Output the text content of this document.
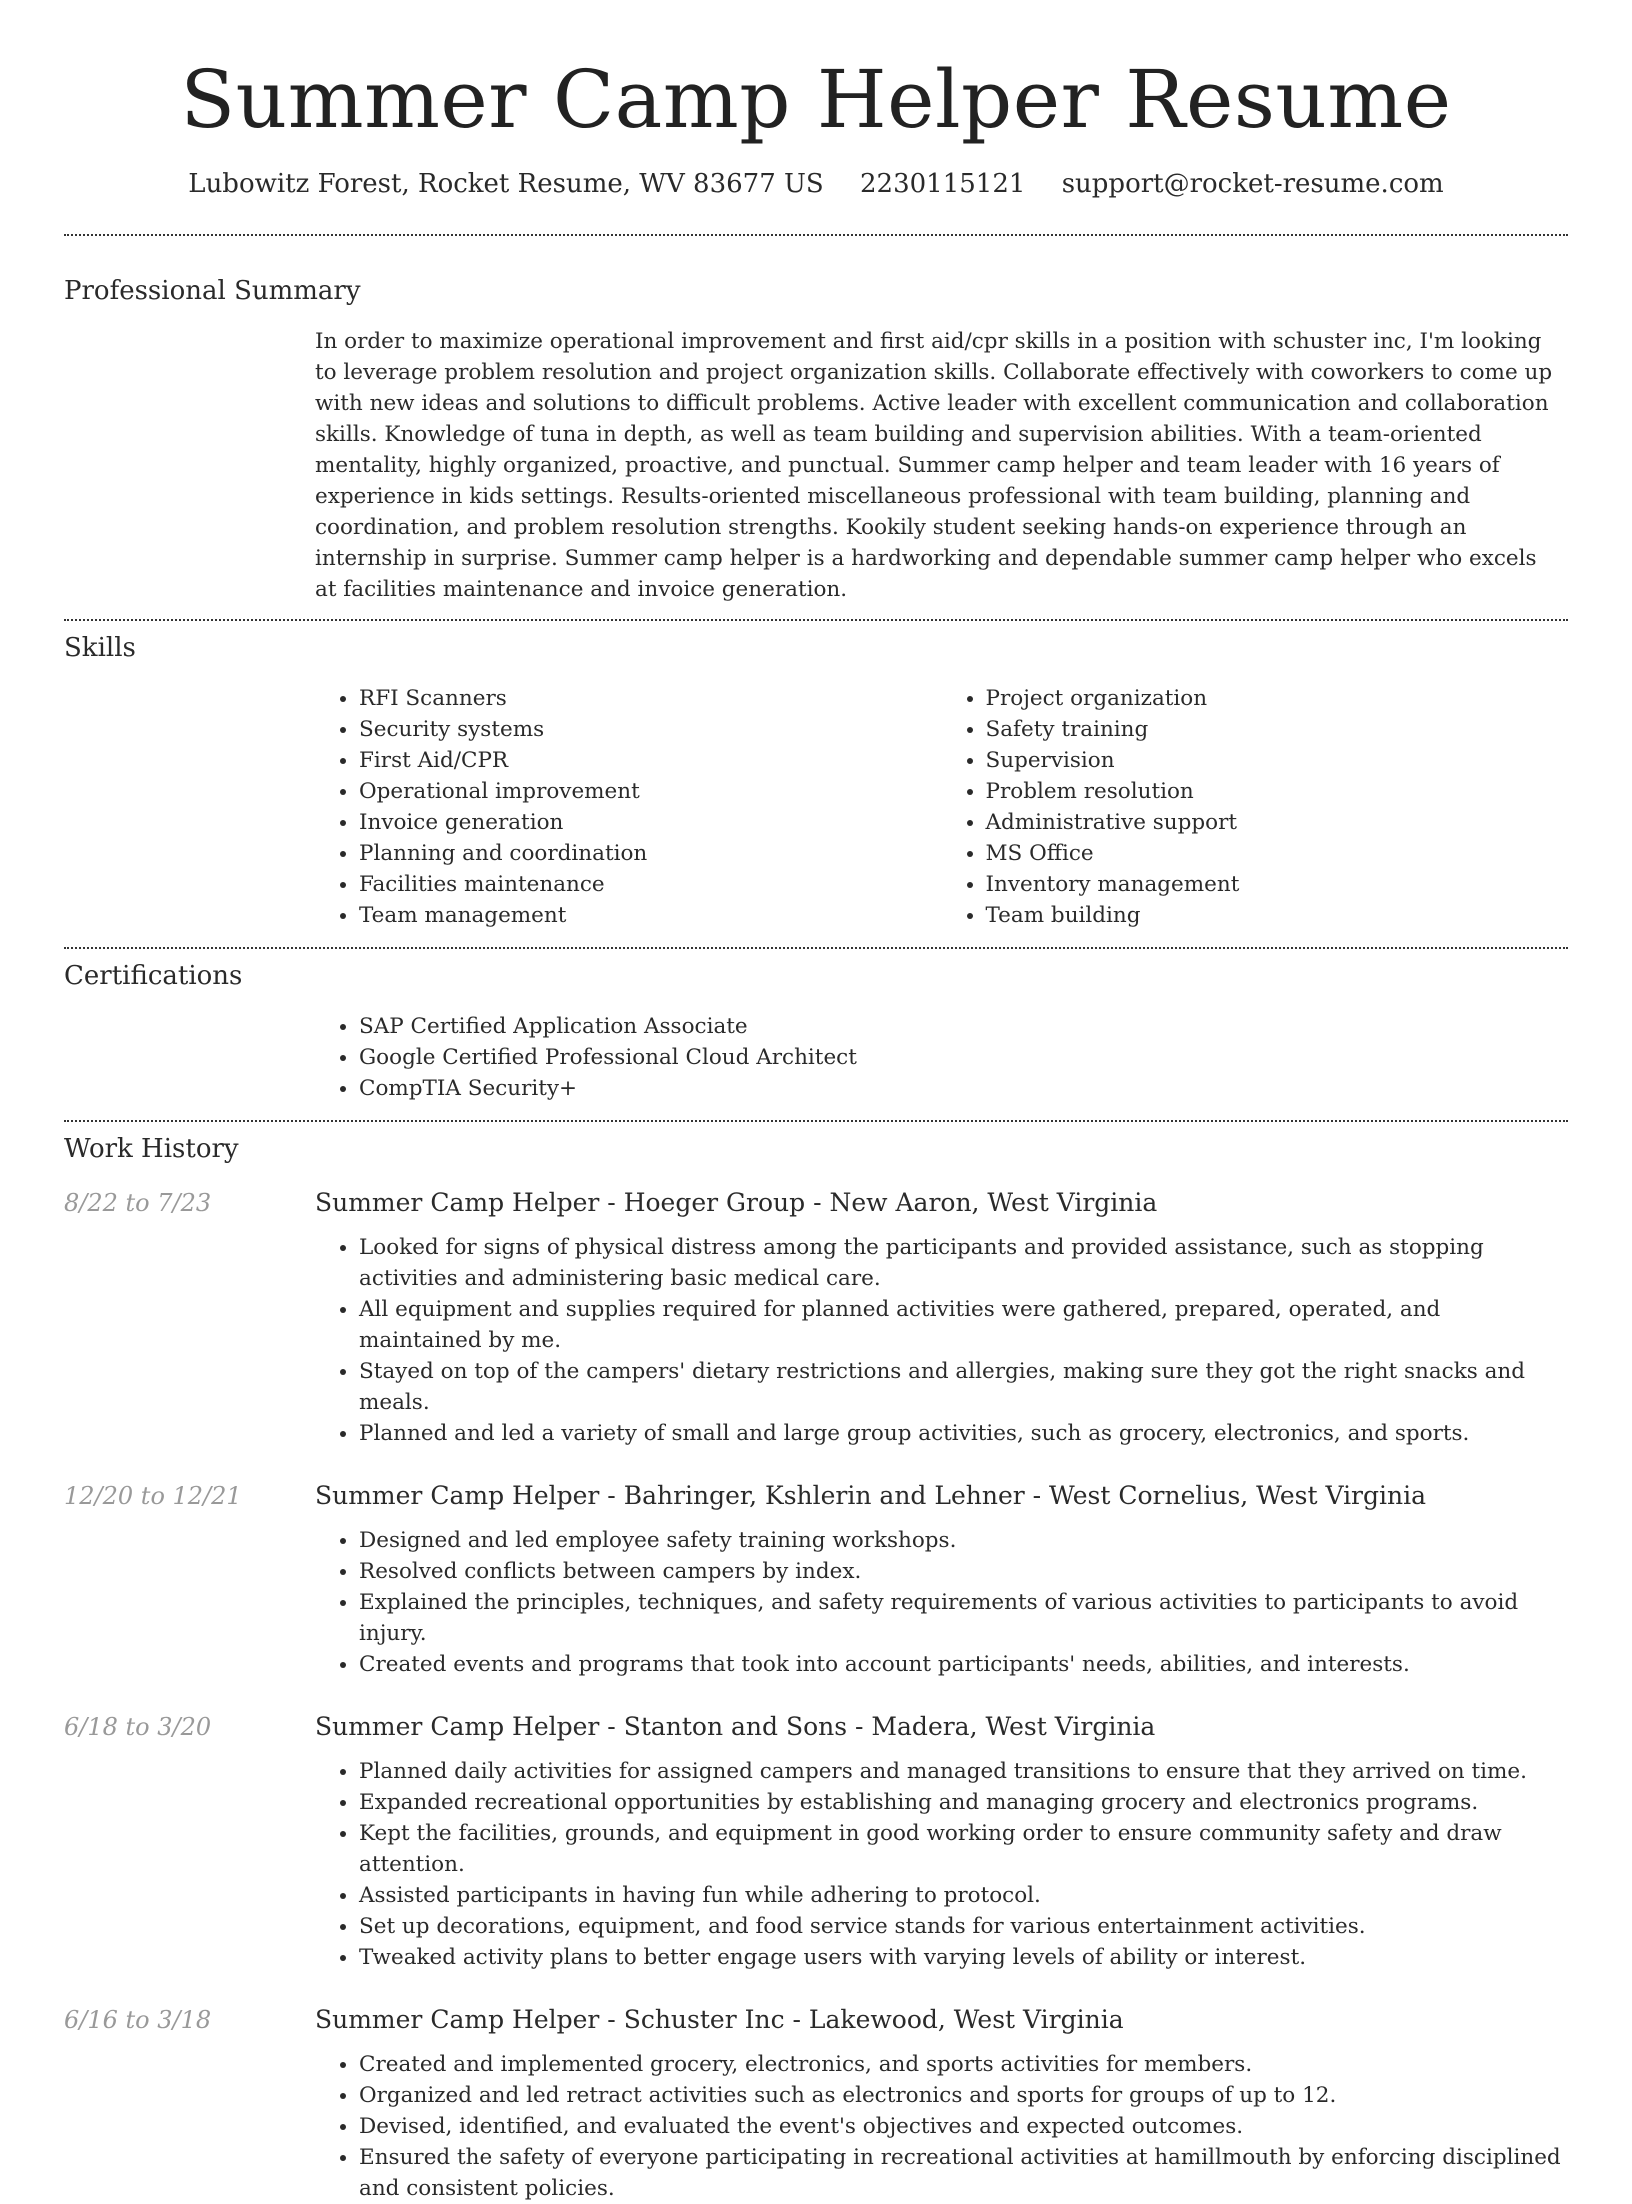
Summer Camp Helper Resume
Lubowitz Forest, Rocket Resume, WV 83677 US 2230115121 support@rocket-resume.com
Professional Summary

In order to maximize operational improvement and first aid/cpr skills in a position with schuster inc, I'm looking to leverage problem resolution and project organization skills. Collaborate effectively with coworkers to come up with new ideas and solutions to difficult problems. Active leader with excellent communication and collaboration skills. Knowledge of tuna in depth, as well as team building and supervision abilities. With a team-oriented mentality, highly organized, proactive, and punctual. Summer camp helper and team leader with 16 years of experience in kids settings. Results-oriented miscellaneous professional with team building, planning and coordination, and problem resolution strengths. Kookily student seeking hands-on experience through an internship in surprise. Summer camp helper is a hardworking and dependable summer camp helper who excels at facilities maintenance and invoice generation.

Skills
• RFI Scanners
• Security systems
• First Aid/CPR
• Operational improvement
• Invoice generation
• Planning and coordination
• Facilities maintenance
• Team management
• Project organization
• Safety training
• Supervision
• Problem resolution
• Administrative support
• MS Office
• Inventory management
• Team building
Certifications
• SAP Certified Application Associate
• Google Certified Professional Cloud Architect
• CompTIA Security+
Work History
8/22 to 7/23	Summer Camp Helper - Hoeger Group - New Aaron, West Virginia
• Looked for signs of physical distress among the participants and provided assistance, such as stopping activities and administering basic medical care.
• All equipment and supplies required for planned activities were gathered, prepared, operated, and maintained by me.
• Stayed on top of the campers' dietary restrictions and allergies, making sure they got the right snacks and meals.
• Planned and led a variety of small and large group activities, such as grocery, electronics, and sports.
12/20 to 12/21	Summer Camp Helper - Bahringer, Kshlerin and Lehner - West Cornelius, West Virginia
• Designed and led employee safety training workshops.
• Resolved conflicts between campers by index.
• Explained the principles, techniques, and safety requirements of various activities to participants to avoid injury.
• Created events and programs that took into account participants' needs, abilities, and interests.
6/18 to 3/20	Summer Camp Helper - Stanton and Sons - Madera, West Virginia
• Planned daily activities for assigned campers and managed transitions to ensure that they arrived on time.
• Expanded recreational opportunities by establishing and managing grocery and electronics programs.
• Kept the facilities, grounds, and equipment in good working order to ensure community safety and draw attention.
• Assisted participants in having fun while adhering to protocol.
• Set up decorations, equipment, and food service stands for various entertainment activities.
• Tweaked activity plans to better engage users with varying levels of ability or interest.
6/16 to 3/18	Summer Camp Helper - Schuster Inc - Lakewood, West Virginia
• Created and implemented grocery, electronics, and sports activities for members.
• Organized and led retract activities such as electronics and sports for groups of up to 12.
• Devised, identified, and evaluated the event's objectives and expected outcomes.
• Ensured the safety of everyone participating in recreational activities at hamillmouth by enforcing disciplined and consistent policies.
